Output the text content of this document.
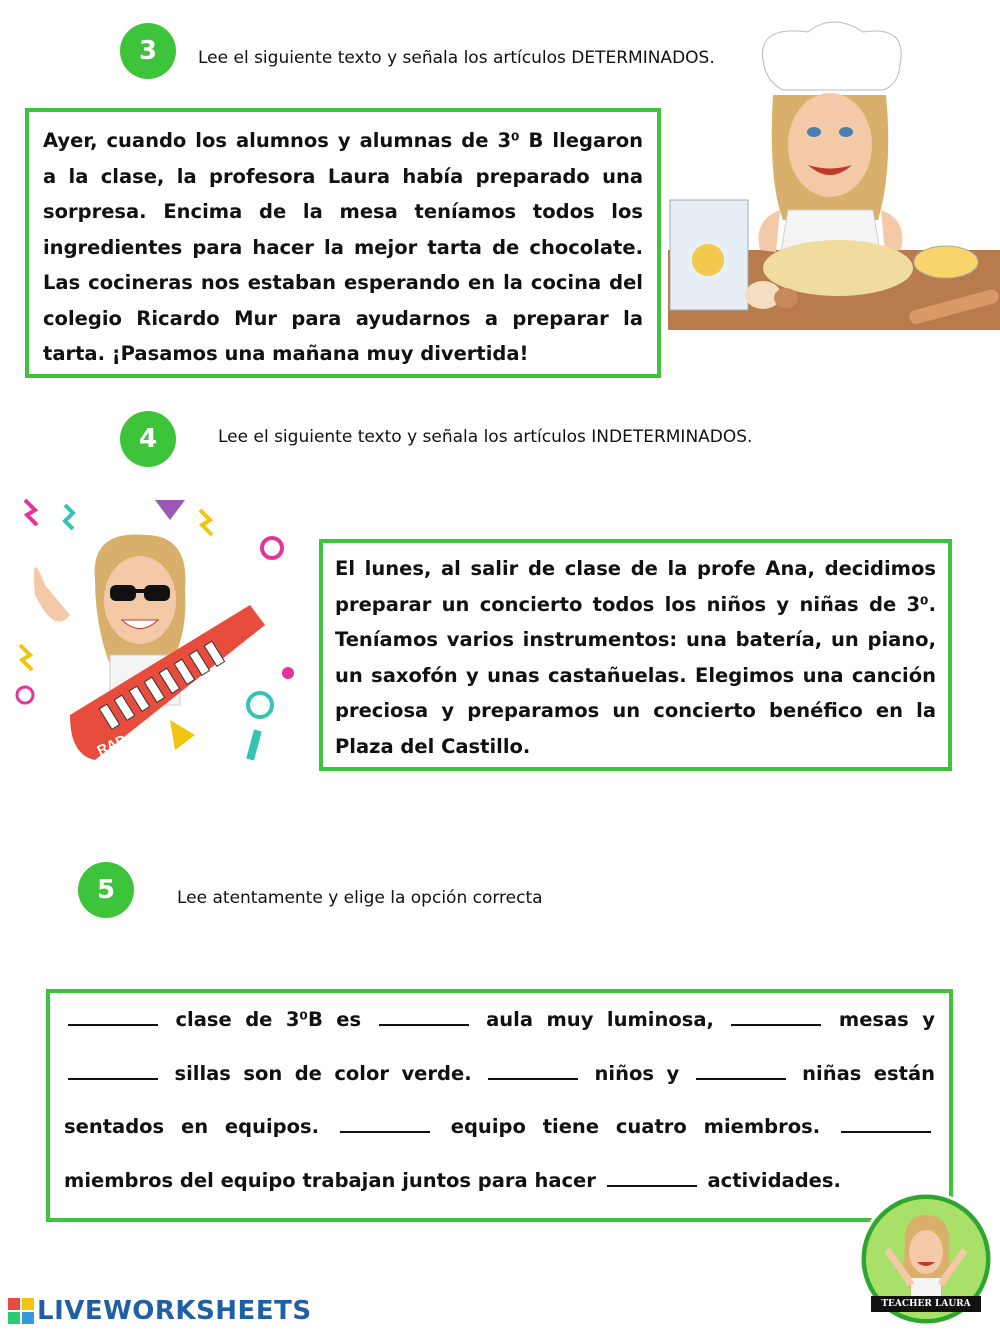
3	Lee el siguiente texto y señala los artículos DETERMINADOS.

Ayer, cuando los alumnos y alumnas de 3⁰ B llegaron a la clase, la profesora Laura había preparado una sorpresa. Encima de la mesa teníamos todos los ingredientes para hacer la mejor tarta de chocolate. Las cocineras nos estaban esperando en la cocina del colegio Ricardo Mur para ayudarnos a preparar la tarta. ¡Pasamos una mañana muy divertida!

4	Lee el siguiente texto y señala los artículos INDETERMINADOS.
RAD

El lunes, al salir de clase de la profe Ana, decidimos preparar un concierto todos los niños y niñas de 3⁰. Teníamos varios instrumentos: una batería, un piano, un saxofón y unas castañuelas. Elegimos una canción preciosa y preparamos un concierto benéfico en la Plaza del Castillo.

5	Lee atentamente y elige la opción correcta

clase de 3⁰B es	aula muy luminosa,	mesas y  sillas son de color verde.	niños y	niñas están sentados en equipos.	equipo tiene cuatro miembros.  miembros del equipo trabajan juntos para hacer	actividades.

TEACHER LAURA
LIVEWORKSHEETS
